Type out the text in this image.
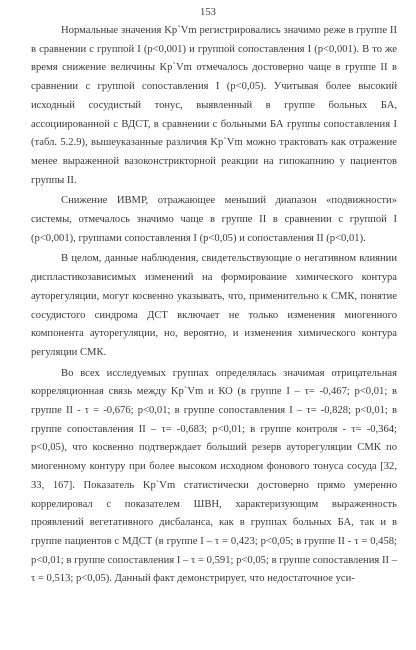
153

Нормальные значения Kp`Vm регистрировались значимо реже в группе II в сравнении с группой I (p<0,001) и группой сопоставления I (p<0,001). В то же время снижение величины Kp`Vm отмечалось достоверно чаще в группе II в сравнении с группой сопоставления I (p<0,05). Учитывая более высокий исходный сосудистый тонус, выявленный в группе больных БА, ассоциированной с ВДСТ, в сравнении с больными БА группы сопоставления I (табл. 5.2.9), вышеуказанные различия Kp`Vm можно трактовать как отражение менее выраженной вазоконстрикторной реакции на гипокапнию у пациентов группы II.

Снижение ИВМР, отражающее меньший диапазон «подвижности» системы, отмечалось значимо чаще в группе II в сравнении с группой I (p<0,001), группами сопоставления I (p<0,05) и сопоставления II (p<0,01).

В целом, данные наблюдения, свидетельствующие о негативном влиянии диспластикозависимых изменений на формирование химического контура ауторегуляции, могут косвенно указывать, что, применительно к СМК, понятие сосудистого синдрома ДСТ включает не только изменения миогенного компонента ауторегуляции, но, вероятно, и изменения химического контура регуляции СМК.

Во всех исследуемых группах определялась значимая отрицательная корреляционная связь между Kp`Vm и КО (в группе I – τ= -0,467; p<0,01; в группе II - τ = -0,676; p<0,01; в группе сопоставления I – τ= -0,828; p<0,01; в группе сопоставления II – τ= -0,683; p<0,01; в группе контроля - τ= -0,364; p<0,05), что косвенно подтверждает больший резерв ауторегуляции СМК по миогенному контуру при более высоком исходном фонового тонуса сосуда [32, 33, 167]. Показатель Kp`Vm статистически достоверно прямо умеренно коррелировал с показателем ШВН, характеризующим выраженность проявлений вегетативного дисбаланса, как в группах больных БА, так и в группе пациентов с МДСТ (в группе I – τ = 0,423; p<0,05; в группе II - τ = 0,458; p<0,01; в группе сопоставления I – τ = 0,591; p<0,05; в группе сопоставления II – τ = 0,513; p<0,05). Данный факт демонстрирует, что недостаточное уси-
